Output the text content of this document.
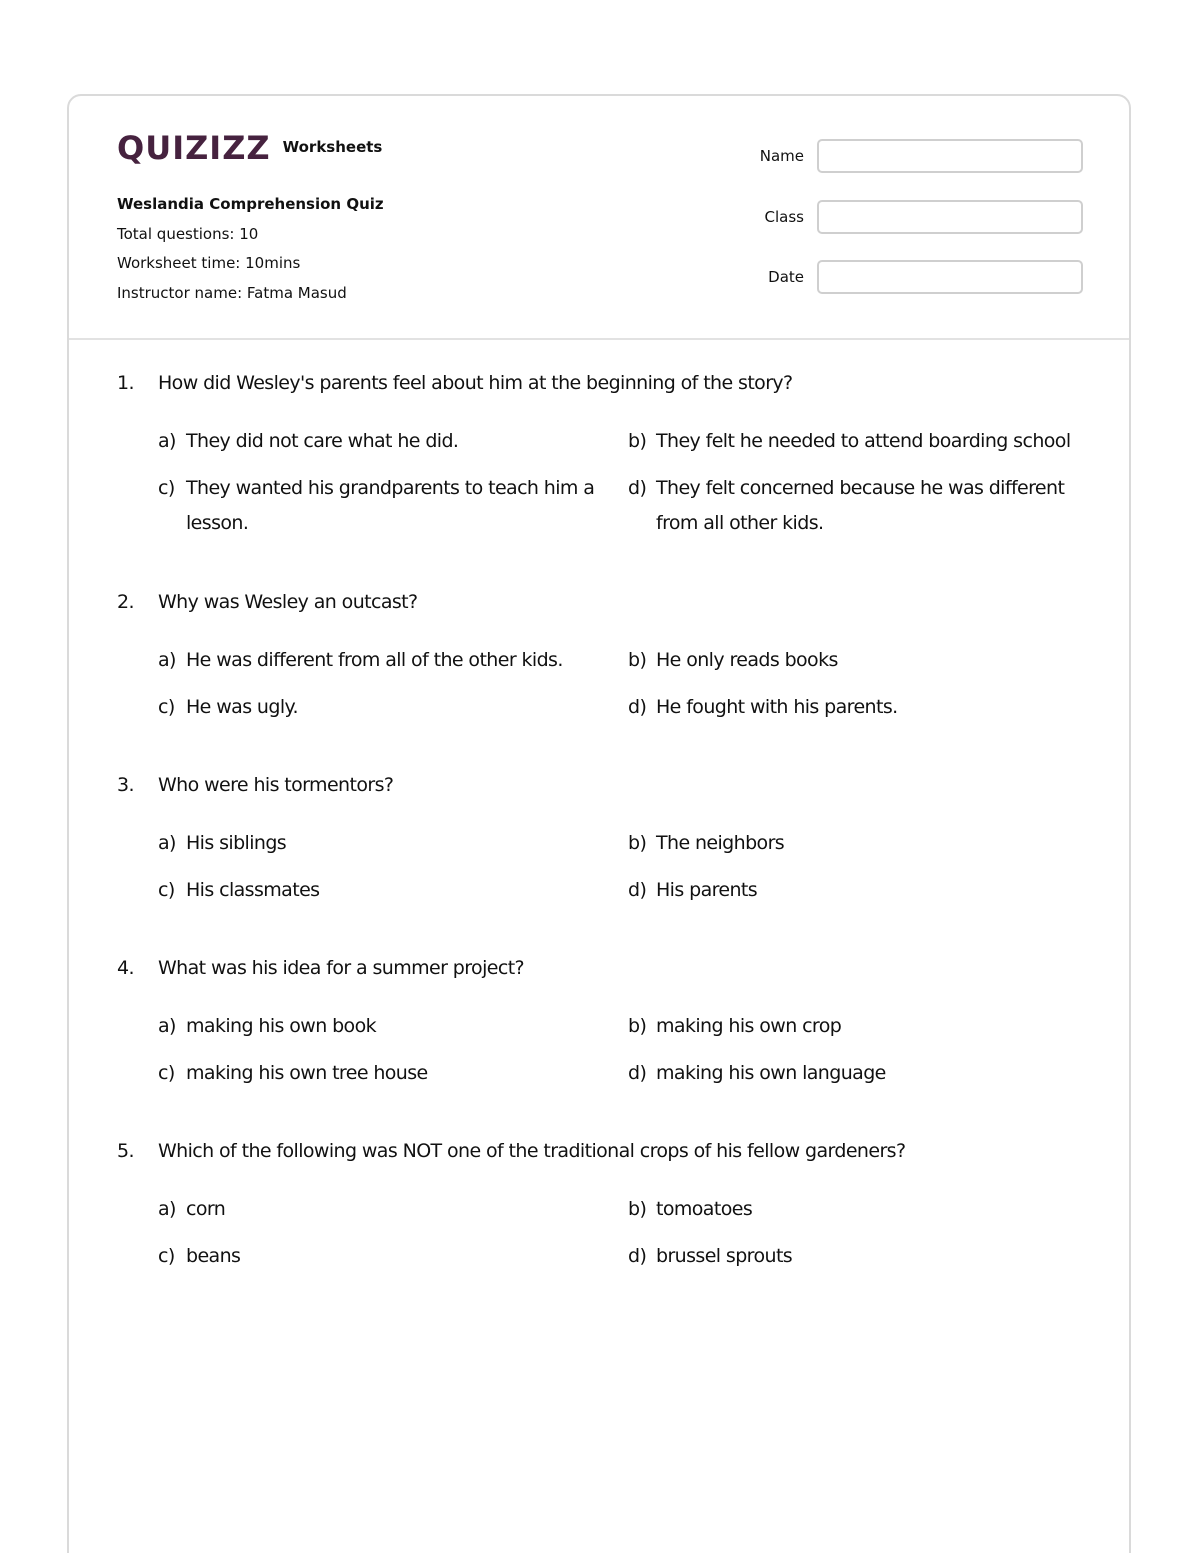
QUIZIZZ Worksheets
Weslandia Comprehension Quiz
Total questions: 10
Worksheet time: 10mins
Instructor name: Fatma Masud
Name
Class
Date
1.	How did Wesley's parents feel about him at the beginning of the story?
a) They did not care what he did.	b) They felt he needed to attend boarding school
c) They wanted his grandparents to teach him a lesson.
d) They felt concerned because he was different from all other kids.
2.	Why was Wesley an outcast?
a) He was different from all of the other kids.	b) He only reads books
c) He was ugly.	d) He fought with his parents.
3.	Who were his tormentors?
a) His siblings	b) The neighbors
c) His classmates	d) His parents
4.	What was his idea for a summer project?
a) making his own book	b) making his own crop
c) making his own tree house	d) making his own language
5.	Which of the following was NOT one of the traditional crops of his fellow gardeners?
a) corn	b) tomoatoes
c) beans	d) brussel sprouts
